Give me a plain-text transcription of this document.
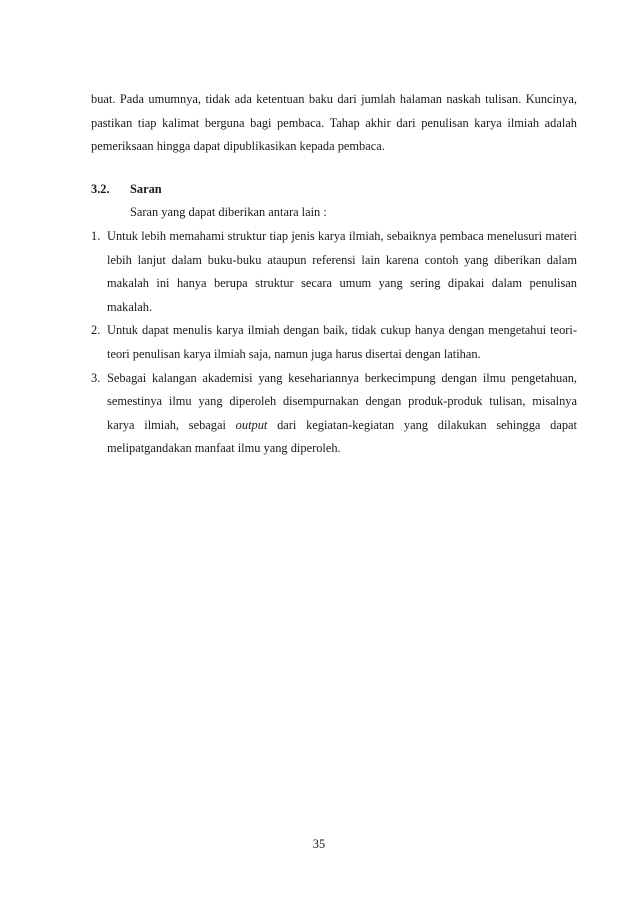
buat. Pada umumnya, tidak ada ketentuan baku dari jumlah halaman naskah tulisan. Kuncinya, pastikan tiap kalimat berguna bagi pembaca. Tahap akhir dari penulisan karya ilmiah adalah pemeriksaan hingga dapat dipublikasikan kepada pembaca.

3.2.	Saran

Saran yang dapat diberikan antara lain :

1. Untuk lebih memahami struktur tiap jenis karya ilmiah, sebaiknya pembaca menelusuri materi lebih lanjut dalam buku-buku ataupun referensi lain karena contoh yang diberikan dalam makalah ini hanya berupa struktur secara umum yang sering dipakai dalam penulisan makalah.
2. Untuk dapat menulis karya ilmiah dengan baik, tidak cukup hanya dengan mengetahui teori-teori penulisan karya ilmiah saja, namun juga harus disertai dengan latihan.
3. Sebagai kalangan akademisi yang kesehariannya berkecimpung dengan ilmu pengetahuan, semestinya ilmu yang diperoleh disempurnakan dengan produk-produk tulisan, misalnya karya ilmiah, sebagai output dari kegiatan-kegiatan yang dilakukan sehingga dapat melipatgandakan manfaat ilmu yang diperoleh.
35
